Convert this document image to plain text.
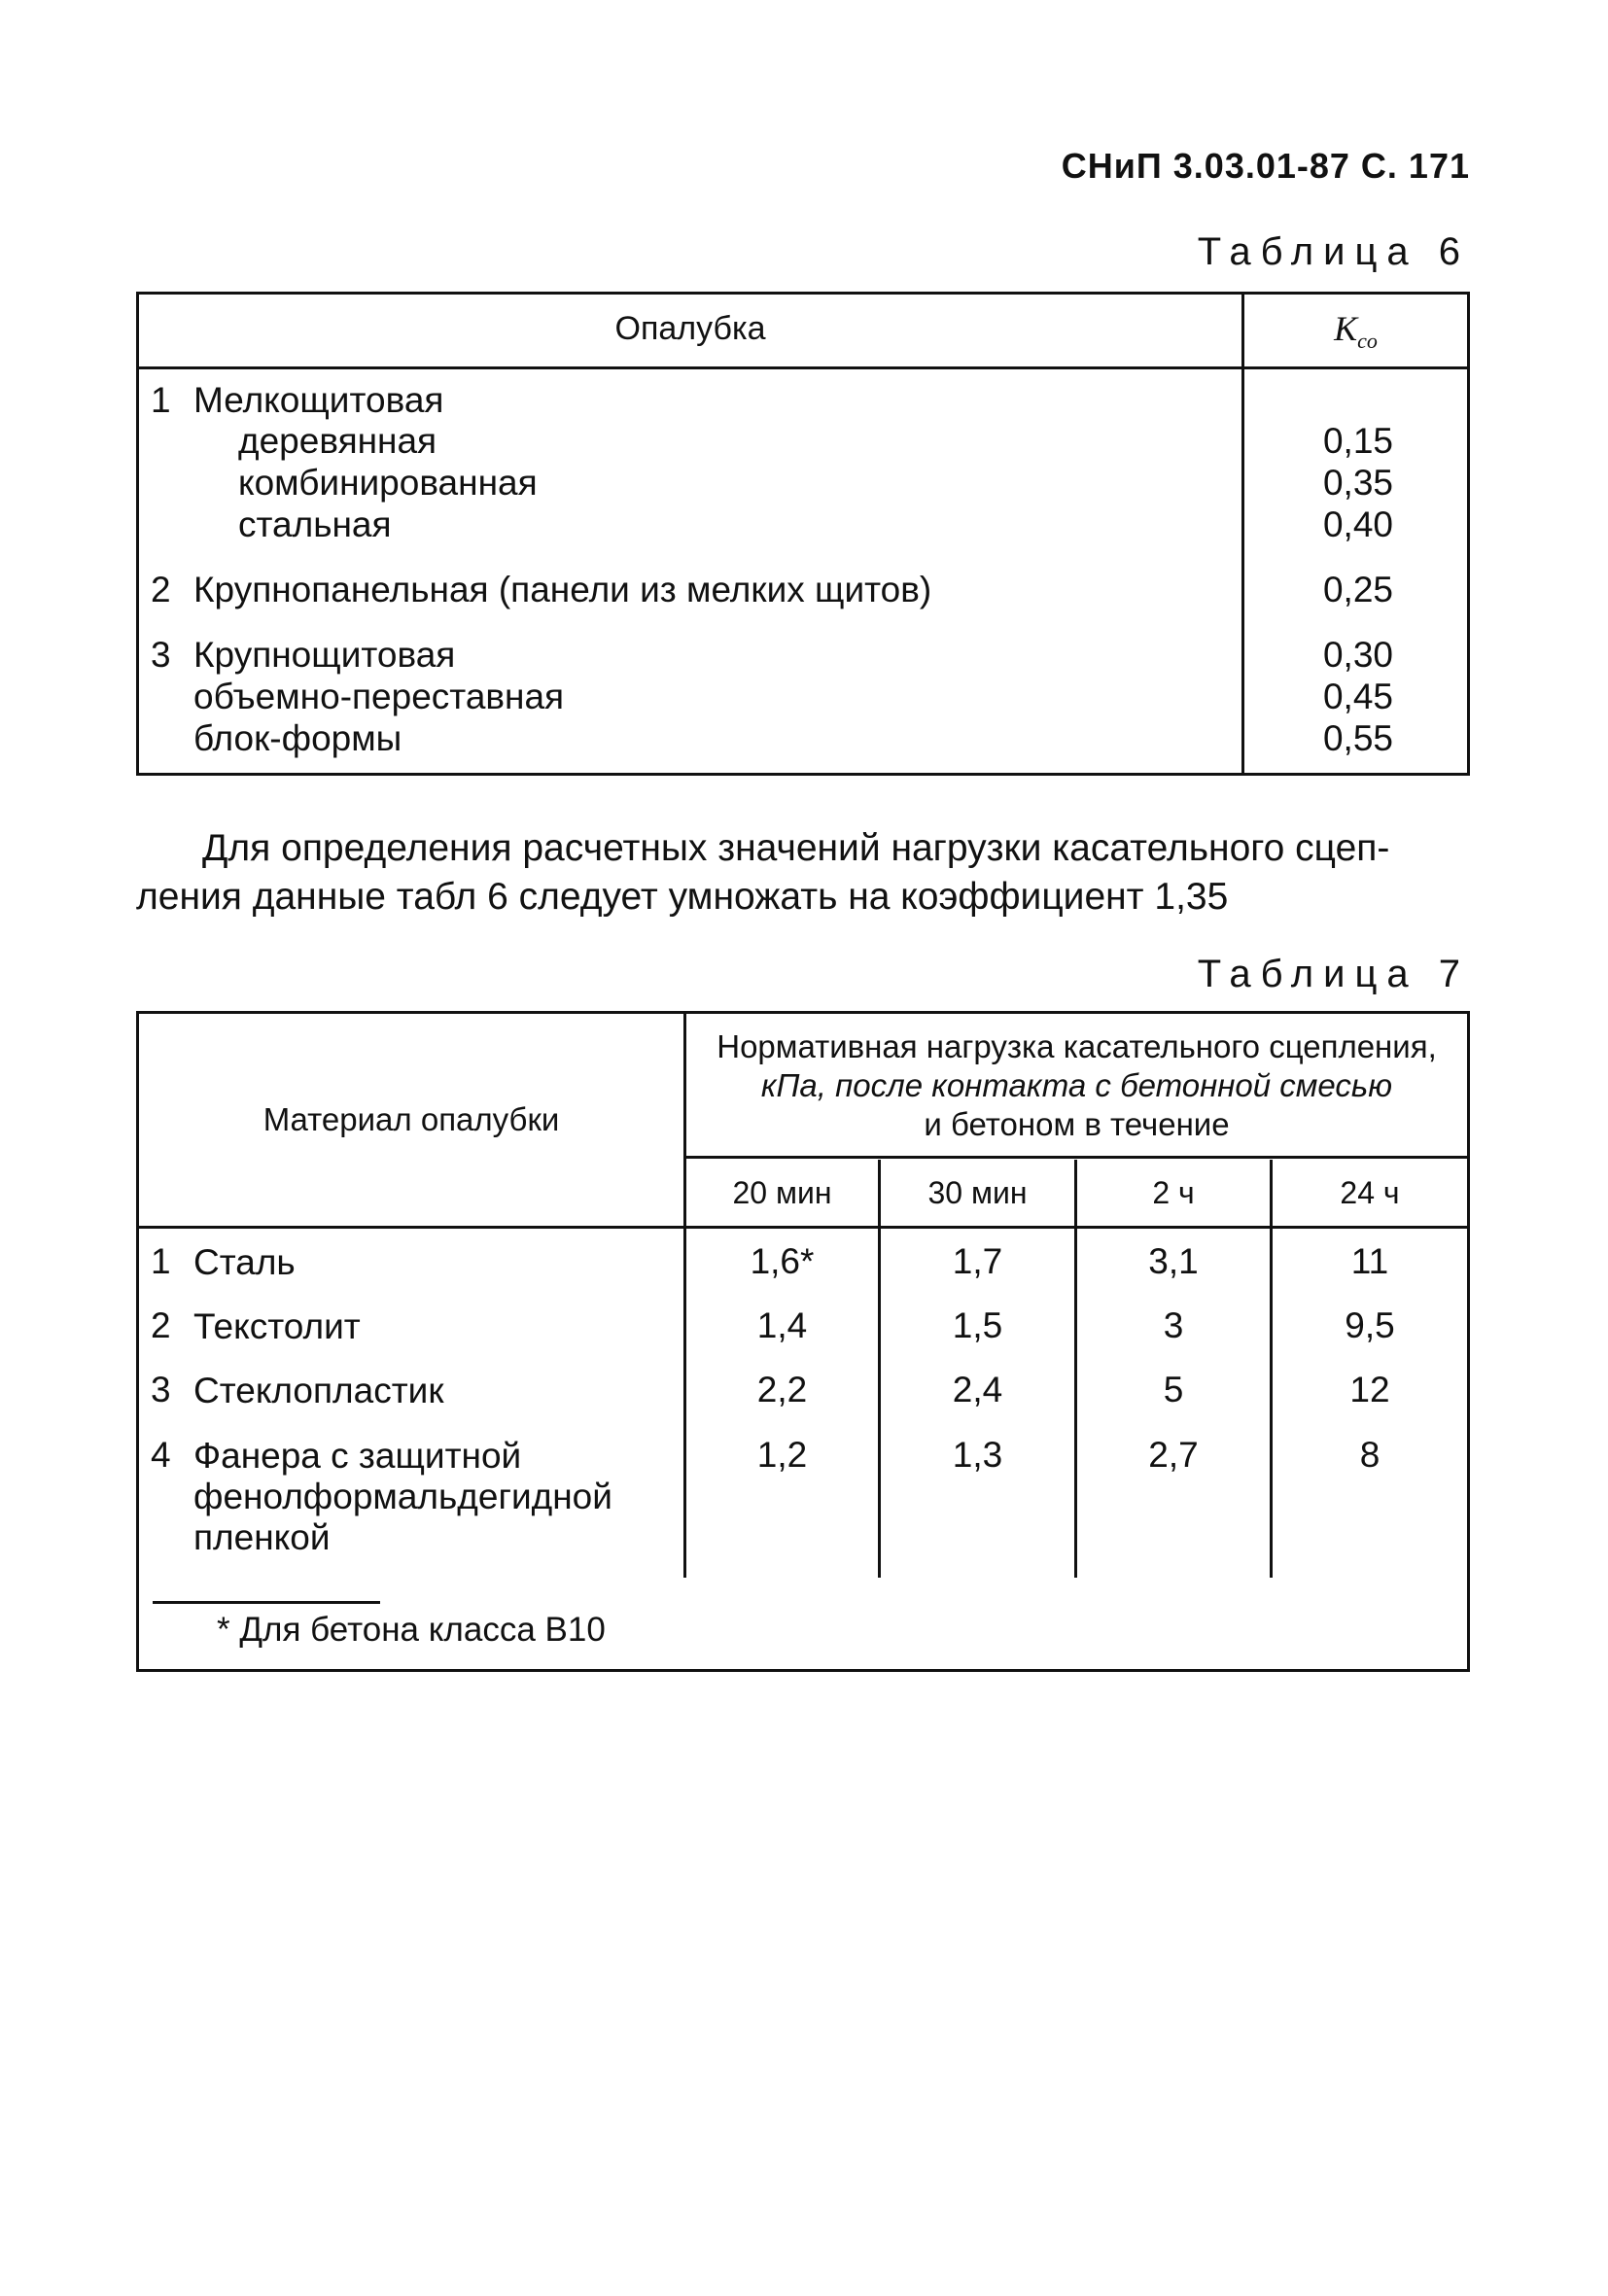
СНиП 3.03.01-87 С. 171
Таблица 6
Опалубка	$K_{co}$
1 Мелкощитовая
деревянная	0,15
комбинированная	0,35
стальная	0,40
2 Крупнопанельная (панели из мелких щитов)	0,25
3 Крупнощитовая	0,30
объемно-переставная	0,45
блок-формы	0,55
Для определения расчетных значений нагрузки касательного сцеп-
ления данные табл 6 следует умножать на коэффициент 1,35
Таблица 7
Материал опалубки
Нормативная нагрузка касательного сцепления,
кПа, после контакта с бетонной смесью
и бетоном в течение
20 мин	30 мин	2 ч	24 ч
1 Сталь	1,6*	1,7	3,1	11
2 Текстолит	1,4	1,5	3	9,5
3 Стеклопластик	2,2	2,4	5	12
4 Фанера с защитной
фенолформальдегидной
пленкой
1,2	1,3	2,7	8
* Для бетона класса В10
